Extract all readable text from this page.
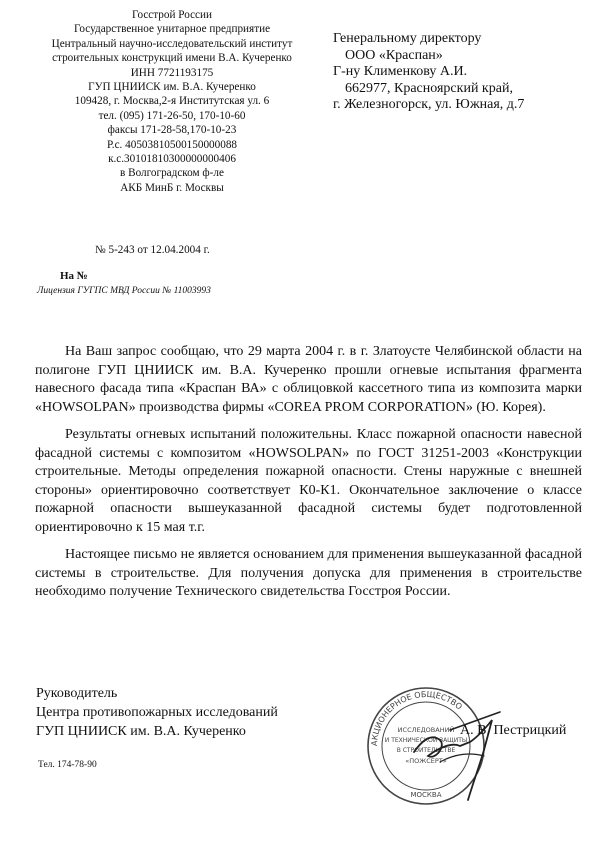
Госстрой России
Государственное унитарное предприятие
Центральный научно-исследовательский институт
строительных конструкций имени В.А. Кучеренко
ИНН 7721193175
ГУП ЦНИИСК им. В.А. Кучеренко
109428, г. Москва,2-я Институтская ул. 6
тел. (095) 171-26-50, 170-10-60
факсы 171-28-58,170-10-23
Р.с. 40503810500150000088
к.с.30101810300000000406
в Волгоградском ф-ле
АКБ МинБ г. Москвы
№ 5-243 от 12.04.2004 г.
На №
Лицензия ГУГПС МВД России № 11003993
Генеральному директору
ООО «Краспан»
Г-ну Клименкову А.И.
662977, Красноярский край,
г. Железногорск, ул. Южная, д.7

На Ваш запрос сообщаю, что 29 марта 2004 г. в г. Златоусте Челябинской области на полигоне ГУП ЦНИИСК им. В.А. Кучеренко прошли огневые испытания фрагмента навесного фасада типа «Краспан ВА» с облицовкой кассетного типа из композита марки «HOWSOLPAN» производства фирмы «COREA PROM CORPORATION» (Ю. Корея).

Результаты огневых испытаний положительны. Класс пожарной опасности навесной фасадной системы с композитом «HOWSOLPAN» по ГОСТ 31251-2003 «Конструкции строительные. Методы определения пожарной опасности. Стены наружные с внешней стороны» ориентировочно соответствует К0-К1. Окончательное заключение о классе пожарной опасности вышеуказанной фасадной системы будет подготовленной ориентировочно к 15 мая т.г.

Настоящее письмо не является основанием для применения вышеуказанной фасадной системы в строительстве. Для получения допуска для применения в строительстве необходимо получение Технического свидетельства Госстроя России.

Руководитель
Центра противопожарных исследований
ГУП ЦНИИСК им. В.А. Кучеренко
АКЦИОНЕРНОЕ ОБЩЕСТВО
ИССЛЕДОВАНИЙ
И ТЕХНИЧЕСКОЙ ЗАЩИТЫ
В СТРОИТЕЛЬСТВЕ
«ПОЖСЕРТ»
МОСКВА
А. В. Пестрицкий
Тел. 174-78-90
